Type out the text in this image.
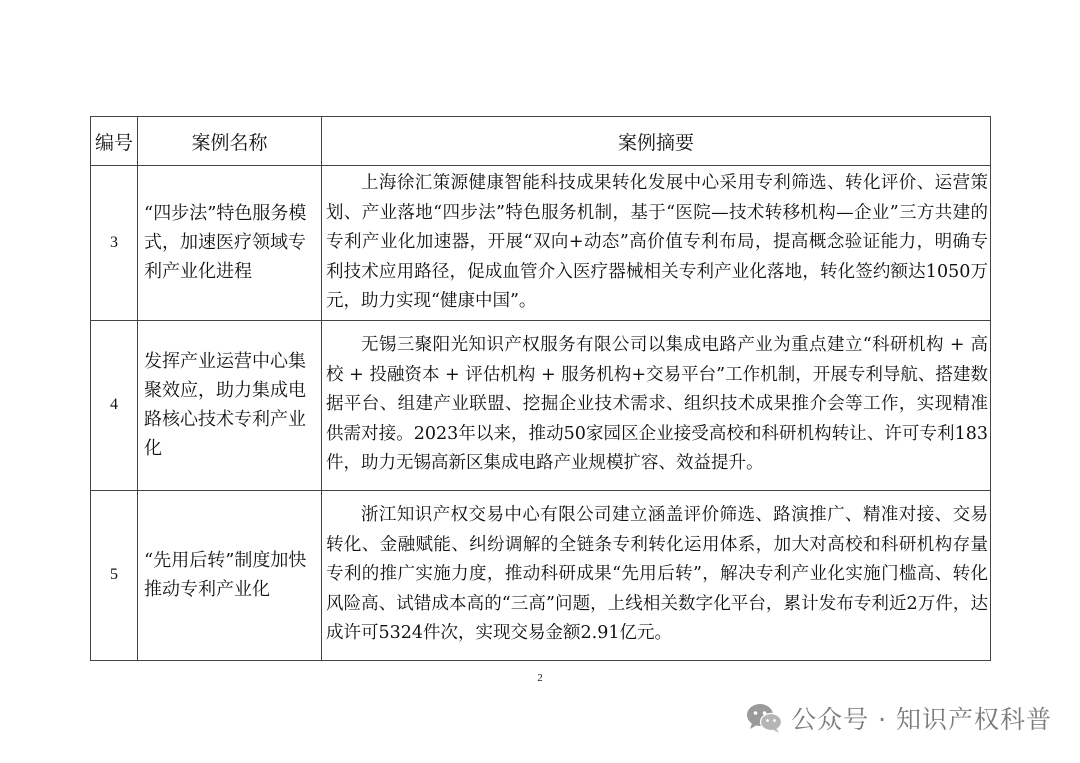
编号	案例名称	案例摘要
3	“四步法”特色服务模式，加速医疗领域专利产业化进程	上海徐汇策源健康智能科技成果转化发展中心采用专利筛选、转化评价、运营策划、产业落地“四步法”特色服务机制，基于“医院—技术转移机构—企业”三方共建的专利产业化加速器，开展“双向+动态”高价值专利布局，提高概念验证能力，明确专利技术应用路径，促成血管介入医疗器械相关专利产业化落地，转化签约额达1050万元，助力实现“健康中国”。
4	发挥产业运营中心集聚效应，助力集成电路核心技术专利产业化	无锡三聚阳光知识产权服务有限公司以集成电路产业为重点建立“科研机构 + 高校 + 投融资本 + 评估机构 + 服务机构+交易平台”工作机制，开展专利导航、搭建数据平台、组建产业联盟、挖掘企业技术需求、组织技术成果推介会等工作，实现精准供需对接。2023年以来，推动50家园区企业接受高校和科研机构转让、许可专利183件，助力无锡高新区集成电路产业规模扩容、效益提升。
5	“先用后转”制度加快推动专利产业化	浙江知识产权交易中心有限公司建立涵盖评价筛选、路演推广、精准对接、交易转化、金融赋能、纠纷调解的全链条专利转化运用体系，加大对高校和科研机构存量专利的推广实施力度，推动科研成果“先用后转”，解决专利产业化实施门槛高、转化风险高、试错成本高的“三高”问题，上线相关数字化平台，累计发布专利近2万件，达成许可5324件次，实现交易金额2.91亿元。
2
公众号 · 知识产权科普
